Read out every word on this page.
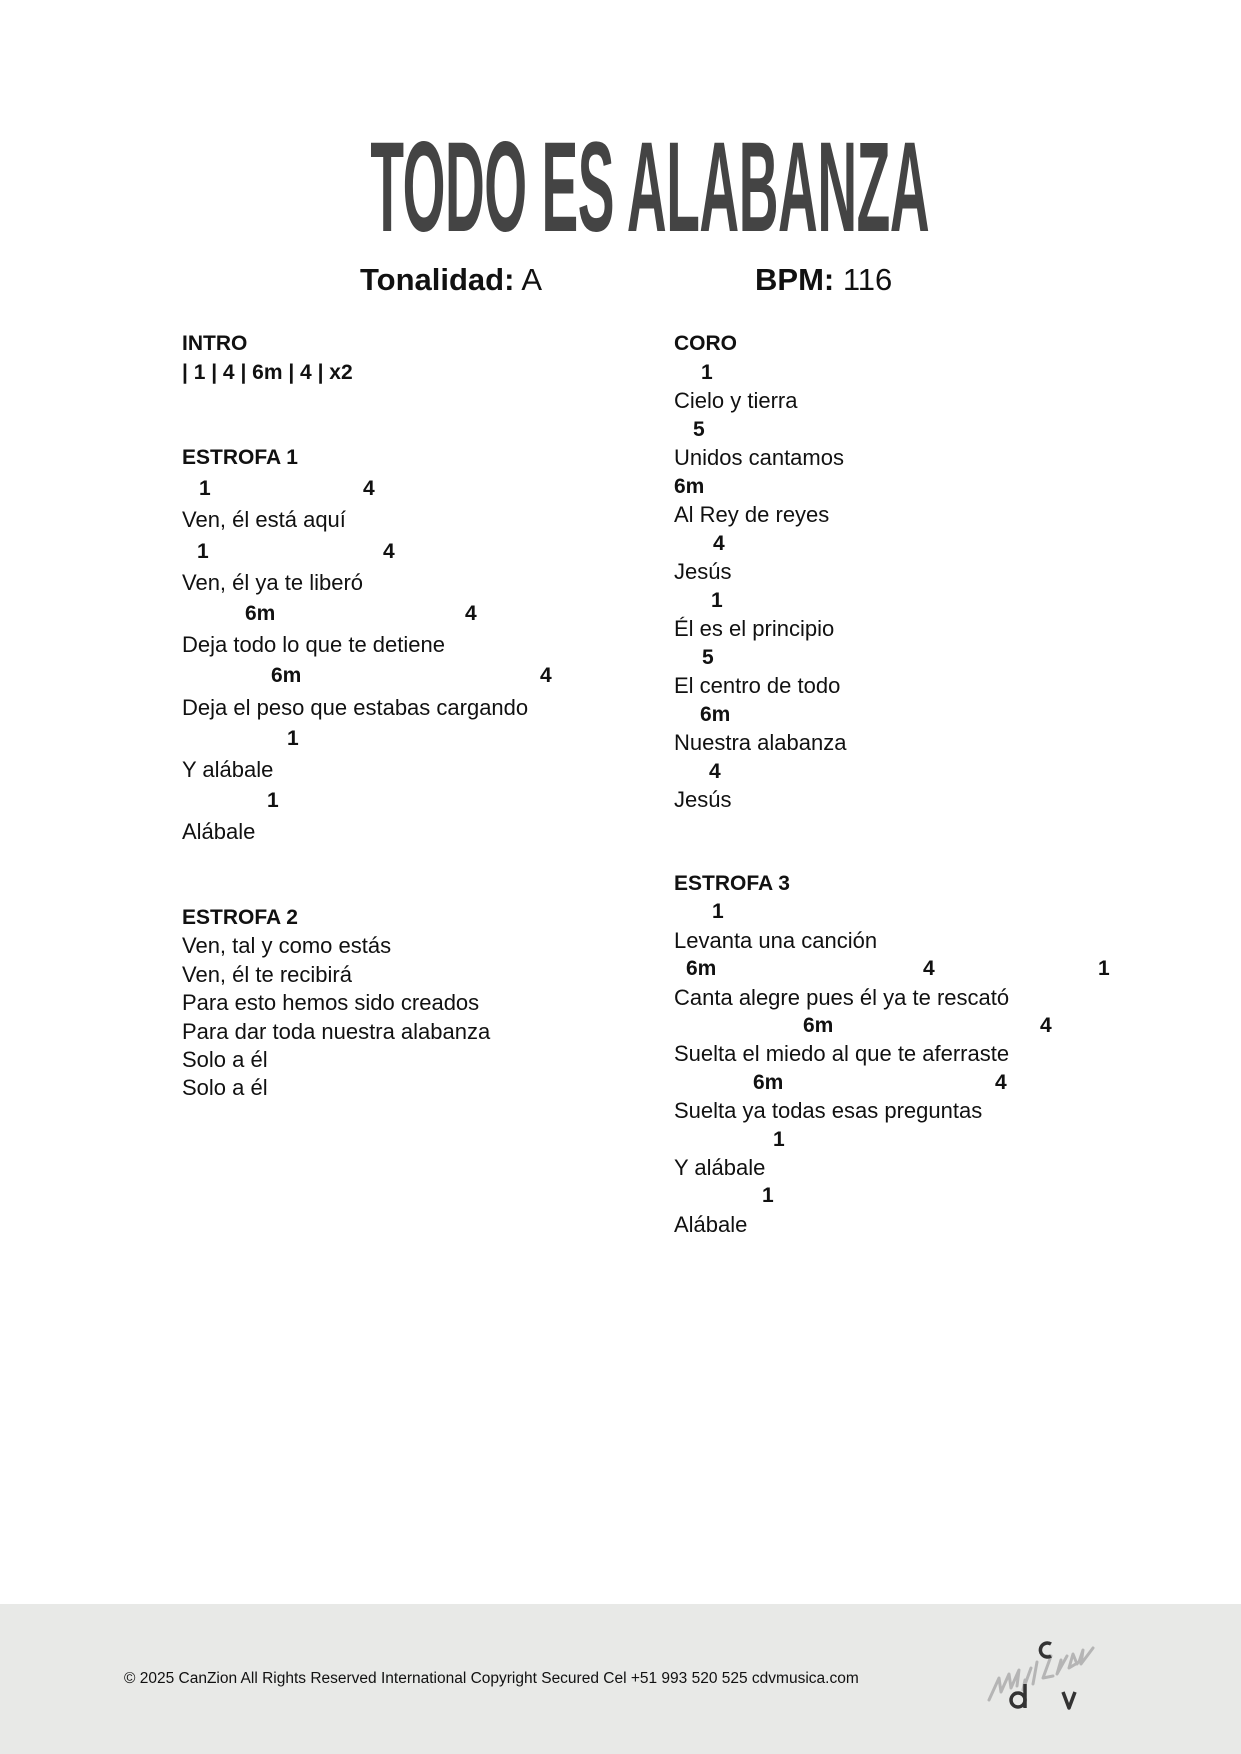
TODO ES ALABANZA
Tonalidad: A	BPM: 116
INTRO
| 1 | 4 | 6m | 4 | x2
ESTROFA 1
1	4
Ven, él está aquí
1	4
Ven, él ya te liberó
6m	4
Deja todo lo que te detiene
6m	4
Deja el peso que estabas cargando
1
Y alábale
1
Alábale
ESTROFA 2
Ven, tal y como estás
Ven, él te recibirá
Para esto hemos sido creados
Para dar toda nuestra alabanza
Solo a él
Solo a él
CORO
1
Cielo y tierra
5
Unidos cantamos
6m
Al Rey de reyes
4
Jesús
1
Él es el principio
5
El centro de todo
6m
Nuestra alabanza
4
Jesús
ESTROFA 3
1
Levanta una canción
6m	4	1
Canta alegre pues él ya te rescató
6m	4
Suelta el miedo al que te aferraste
6m	4
Suelta ya todas esas preguntas
1
Y alábale
1
Alábale
© 2025 CanZion All Rights Reserved International Copyright Secured Cel +51 993 520 525 cdvmusica.com
